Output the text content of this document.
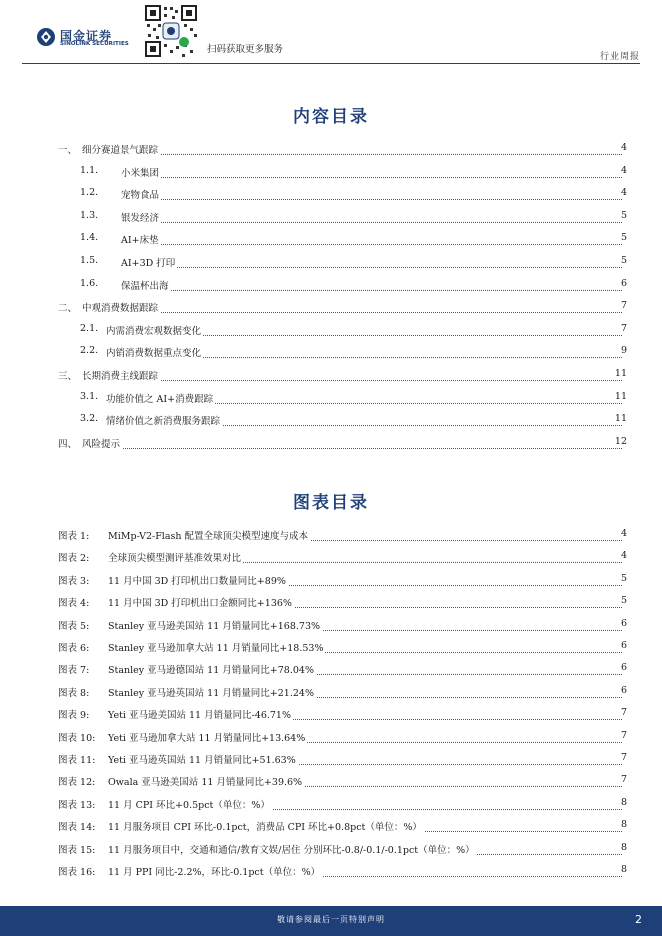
国金证券
SINOLINK SECURITIES	扫码获取更多服务
行业周报
内容目录
一、 细分赛道景气跟踪	4
1.1. 小米集团	4
1.2. 宠物食品	4
1.3. 银发经济	5
1.4. AI+床垫	5
1.5. AI+3D 打印	5
1.6. 保温杯出海	6
二、 中观消费数据跟踪	7
2.1. 内需消费宏观数据变化	7
2.2. 内销消费数据重点变化	9
三、 长期消费主线跟踪	11
3.1. 功能价值之 AI+消费跟踪	11
3.2. 情绪价值之新消费服务跟踪	11
四、 风险提示	12
图表目录
图表 1: MiMp-V2-Flash 配置全球顶尖模型速度与成本	4
图表 2: 全球顶尖模型测评基准效果对比	4
图表 3: 11 月中国 3D 打印机出口数量同比+89%	5
图表 4: 11 月中国 3D 打印机出口金额同比+136%	5
图表 5: Stanley 亚马逊美国站 11 月销量同比+168.73%	6
图表 6: Stanley 亚马逊加拿大站 11 月销量同比+18.53%	6
图表 7: Stanley 亚马逊德国站 11 月销量同比+78.04%	6
图表 8: Stanley 亚马逊英国站 11 月销量同比+21.24%	6
图表 9: Yeti 亚马逊美国站 11 月销量同比-46.71%	7
图表 10: Yeti 亚马逊加拿大站 11 月销量同比+13.64%	7
图表 11: Yeti 亚马逊英国站 11 月销量同比+51.63%	7
图表 12: Owala 亚马逊美国站 11 月销量同比+39.6%	7
图表 13: 11 月 CPI 环比+0.5pct（单位：%）	8
图表 14: 11 月服务项目 CPI 环比-0.1pct，消费品 CPI 环比+0.8pct（单位：%）	8
图表 15: 11 月服务项目中，交通和通信/教育文娱/居住 分别环比-0.8/-0.1/-0.1pct（单位：%）	8
图表 16: 11 月 PPI 同比-2.2%，环比-0.1pct（单位：%）	8
敬请参阅最后一页特别声明	2
